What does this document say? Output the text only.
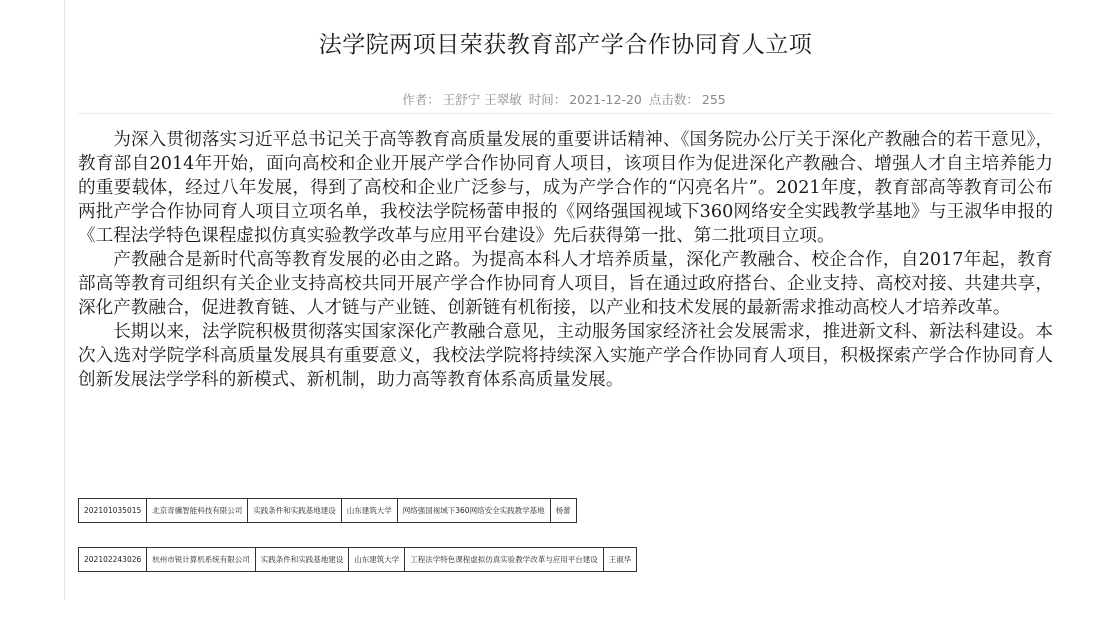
法学院两项目荣获教育部产学合作协同育人立项
作者： 王舒宁 王翠敏 时间： 2021-12-20 点击数： 255

为深入贯彻落实习近平总书记关于高等教育高质量发展的重要讲话精神、《国务院办公厅关于深化产教融合的若干意见》，教育部自2014年开始，面向高校和企业开展产学合作协同育人项目，该项目作为促进深化产教融合、增强人才自主培养能力的重要载体，经过八年发展，得到了高校和企业广泛参与，成为产学合作的“闪亮名片”。2021年度，教育部高等教育司公布两批产学合作协同育人项目立项名单，我校法学院杨蕾申报的《网络强国视域下360网络安全实践教学基地》与王淑华申报的《工程法学特色课程虚拟仿真实验教学改革与应用平台建设》先后获得第一批、第二批项目立项。

产教融合是新时代高等教育发展的必由之路。为提高本科人才培养质量，深化产教融合、校企合作，自2017年起，教育部高等教育司组织有关企业支持高校共同开展产学合作协同育人项目，旨在通过政府搭台、企业支持、高校对接、共建共享，深化产教融合，促进教育链、人才链与产业链、创新链有机衔接，以产业和技术发展的最新需求推动高校人才培养改革。

长期以来，法学院积极贯彻落实国家深化产教融合意见，主动服务国家经济社会发展需求，推进新文科、新法科建设。本次入选对学院学科高质量发展具有重要意义，我校法学院将持续深入实施产学合作协同育人项目，积极探索产学合作协同育人创新发展法学学科的新模式、新机制，助力高等教育体系高质量发展。

202101035015	北京奇骥智能科技有限公司	实践条件和实践基地建设	山东建筑大学	网络强国视域下360网络安全实践教学基地	杨蕾
202102243026	杭州市锐计算机系统有限公司	实践条件和实践基地建设	山东建筑大学	工程法学特色课程虚拟仿真实验教学改革与应用平台建设	王淑华
